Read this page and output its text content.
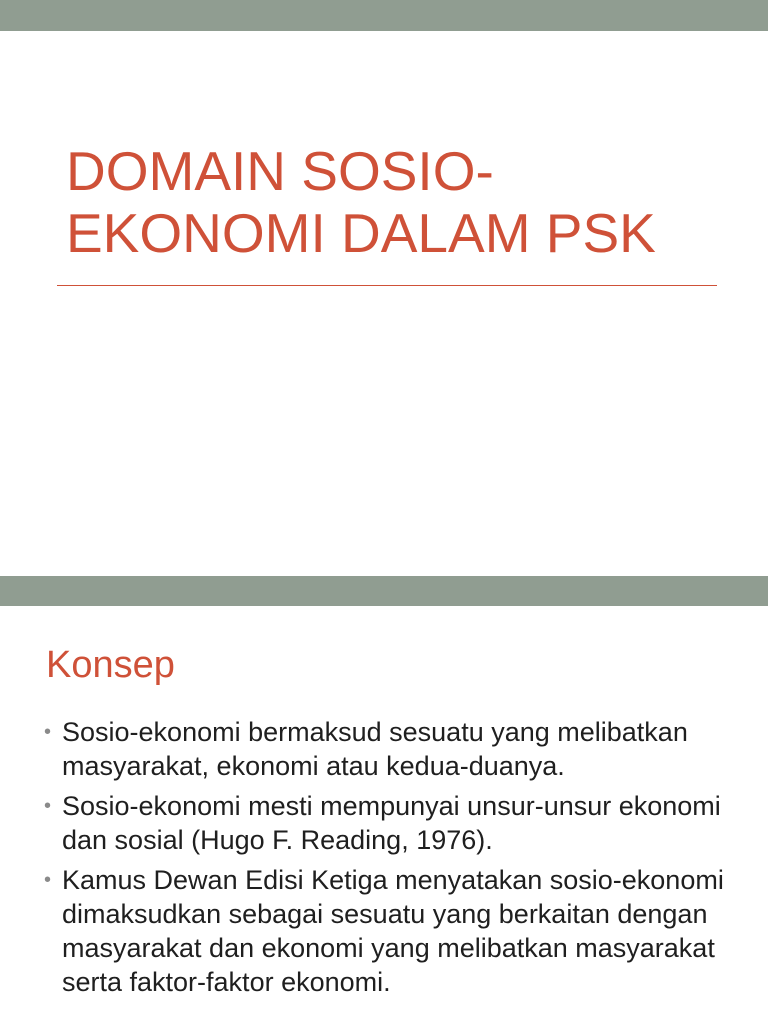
DOMAIN SOSIO-
EKONOMI DALAM PSK
Konsep
• Sosio-ekonomi bermaksud sesuatu yang melibatkan masyarakat, ekonomi atau kedua-duanya.
• Sosio-ekonomi mesti mempunyai unsur-unsur ekonomi dan sosial (Hugo F. Reading, 1976).
• Kamus Dewan Edisi Ketiga menyatakan sosio-ekonomi dimaksudkan sebagai sesuatu yang berkaitan dengan masyarakat dan ekonomi yang melibatkan masyarakat serta faktor-faktor ekonomi.
